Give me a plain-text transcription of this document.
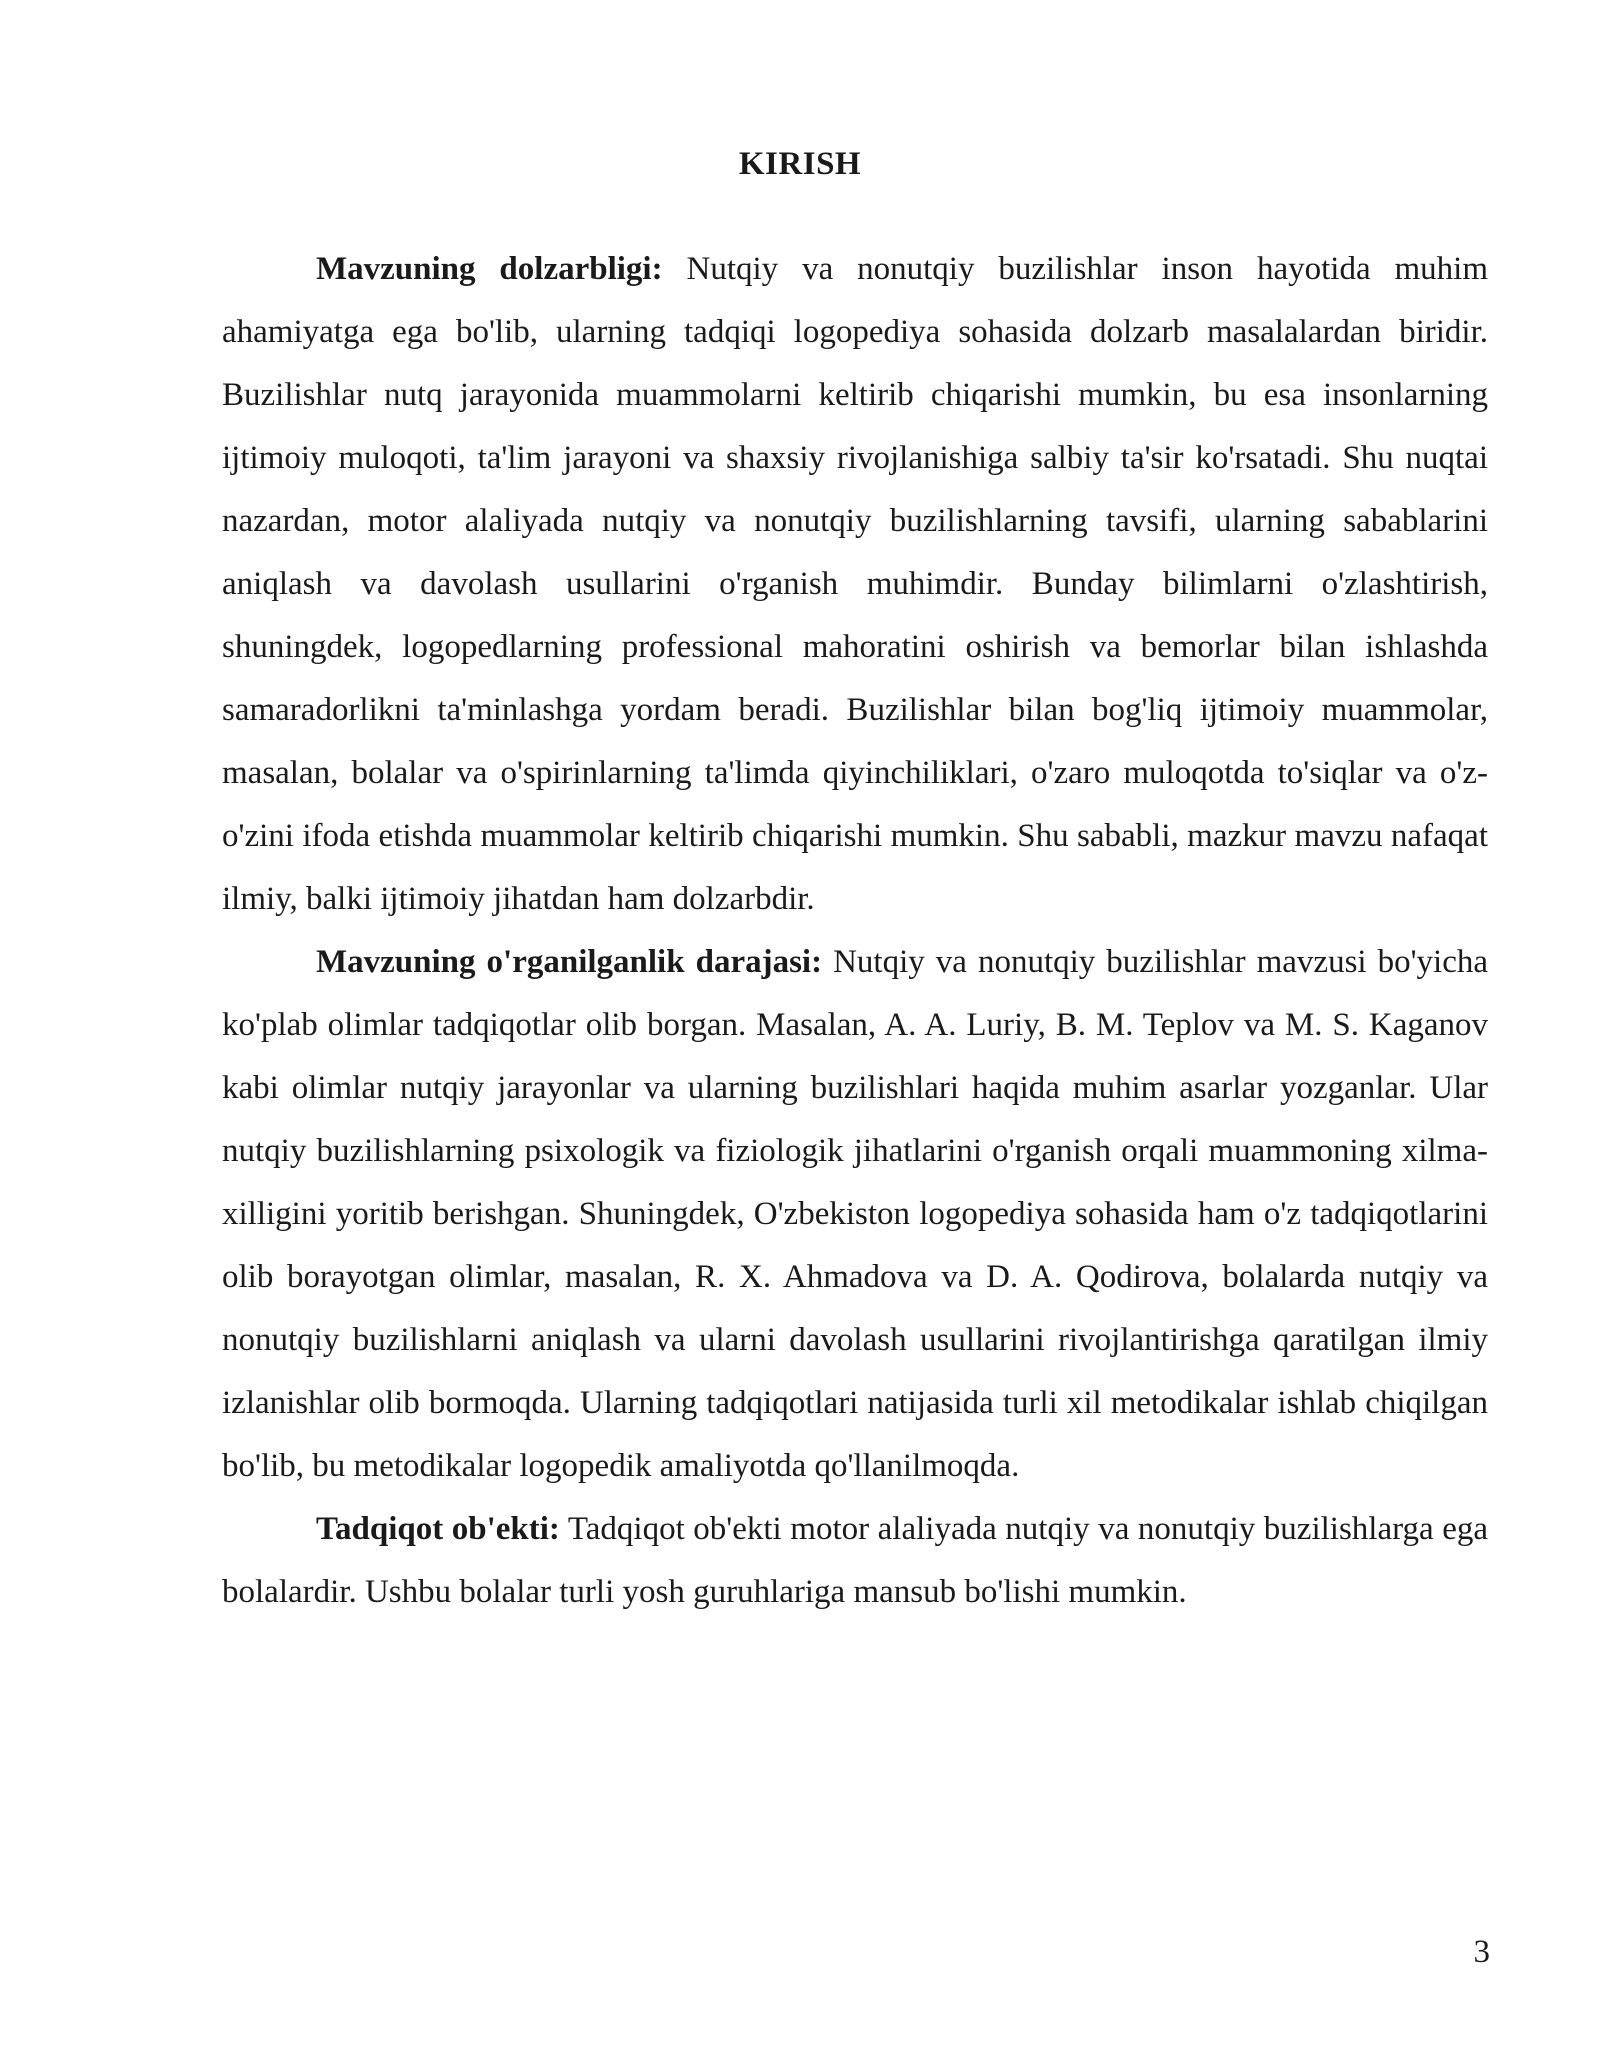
KIRISH

Mavzuning dolzarbligi: Nutqiy va nonutqiy buzilishlar inson hayotida muhim ahamiyatga ega bo'lib, ularning tadqiqi logopediya sohasida dolzarb masalalardan biridir. Buzilishlar nutq jarayonida muammolarni keltirib chiqarishi mumkin, bu esa insonlarning ijtimoiy muloqoti, ta'lim jarayoni va shaxsiy rivojlanishiga salbiy ta'sir ko'rsatadi. Shu nuqtai nazardan, motor alaliyada nutqiy va nonutqiy buzilishlarning tavsifi, ularning sabablarini aniqlash va davolash usullarini o'rganish muhimdir. Bunday bilimlarni o'zlashtirish, shuningdek, logopedlarning professional mahoratini oshirish va bemorlar bilan ishlashda samaradorlikni ta'minlashga yordam beradi. Buzilishlar bilan bog'liq ijtimoiy muammolar, masalan, bolalar va o'spirinlarning ta'limda qiyinchiliklari, o'zaro muloqotda to'siqlar va o'z-o'zini ifoda etishda muammolar keltirib chiqarishi mumkin. Shu sababli, mazkur mavzu nafaqat ilmiy, balki ijtimoiy jihatdan ham dolzarbdir.

Mavzuning o'rganilganlik darajasi: Nutqiy va nonutqiy buzilishlar mavzusi bo'yicha ko'plab olimlar tadqiqotlar olib borgan. Masalan, A. A. Luriy, B. M. Teplov va M. S. Kaganov kabi olimlar nutqiy jarayonlar va ularning buzilishlari haqida muhim asarlar yozganlar. Ular nutqiy buzilishlarning psixologik va fiziologik jihatlarini o'rganish orqali muammoning xilma-xilligini yoritib berishgan. Shuningdek, O'zbekiston logopediya sohasida ham o'z tadqiqotlarini olib borayotgan olimlar, masalan, R. X. Ahmadova va D. A. Qodirova, bolalarda nutqiy va nonutqiy buzilishlarni aniqlash va ularni davolash usullarini rivojlantirishga qaratilgan ilmiy izlanishlar olib bormoqda. Ularning tadqiqotlari natijasida turli xil metodikalar ishlab chiqilgan bo'lib, bu metodikalar logopedik amaliyotda qo'llanilmoqda.

Tadqiqot ob'ekti: Tadqiqot ob'ekti motor alaliyada nutqiy va nonutqiy buzilishlarga ega bolalardir. Ushbu bolalar turli yosh guruhlariga mansub bo'lishi mumkin.

3
